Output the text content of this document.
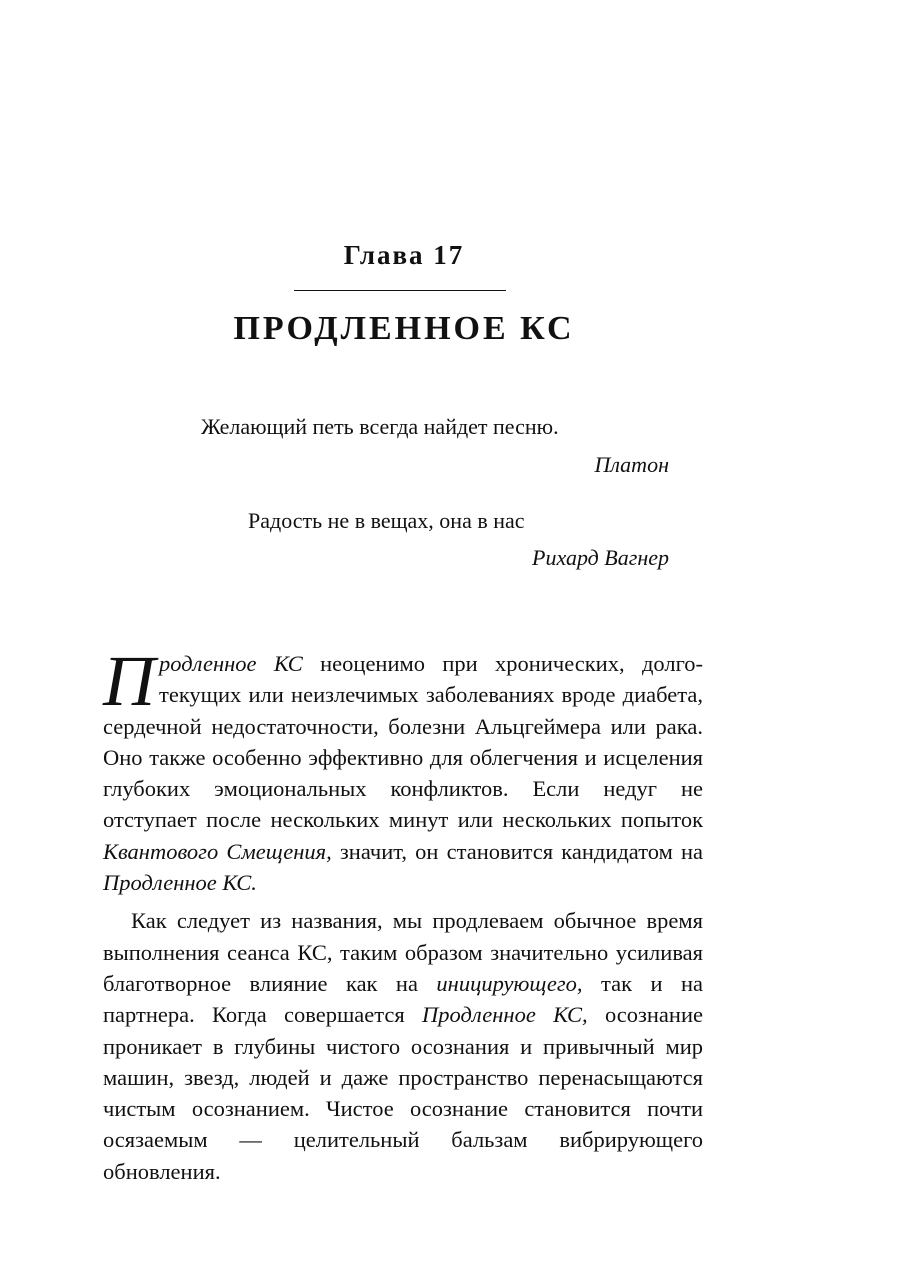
Глава 17
ПРОДЛЕННОЕ КС
Желающий петь всегда найдет песню.
Платон
Радость не в вещах, она в нас
Рихард Вагнер

Продленное КС неоценимо при хронических, долготекущих или неизлечимых заболеваниях вроде диабета, сердечной недостаточности, болезни Альцгеймера или рака. Оно также особенно эффективно для облегчения и исцеления глубоких эмоциональных конфликтов. Если недуг не отступает после нескольких минут или нескольких попыток Квантового Смещения, значит, он становится кандидатом на Продленное КС.

Как следует из названия, мы продлеваем обычное время выполнения сеанса КС, таким образом значительно усиливая благотворное влияние как на иницирующего, так и на партнера. Когда совершается Продленное КС, осознание проникает в глубины чистого осознания и привычный мир машин, звезд, людей и даже пространство перенасыщаются чистым осознанием. Чистое осознание становится почти осязаемым — целительный бальзам вибрирующего обновления.
